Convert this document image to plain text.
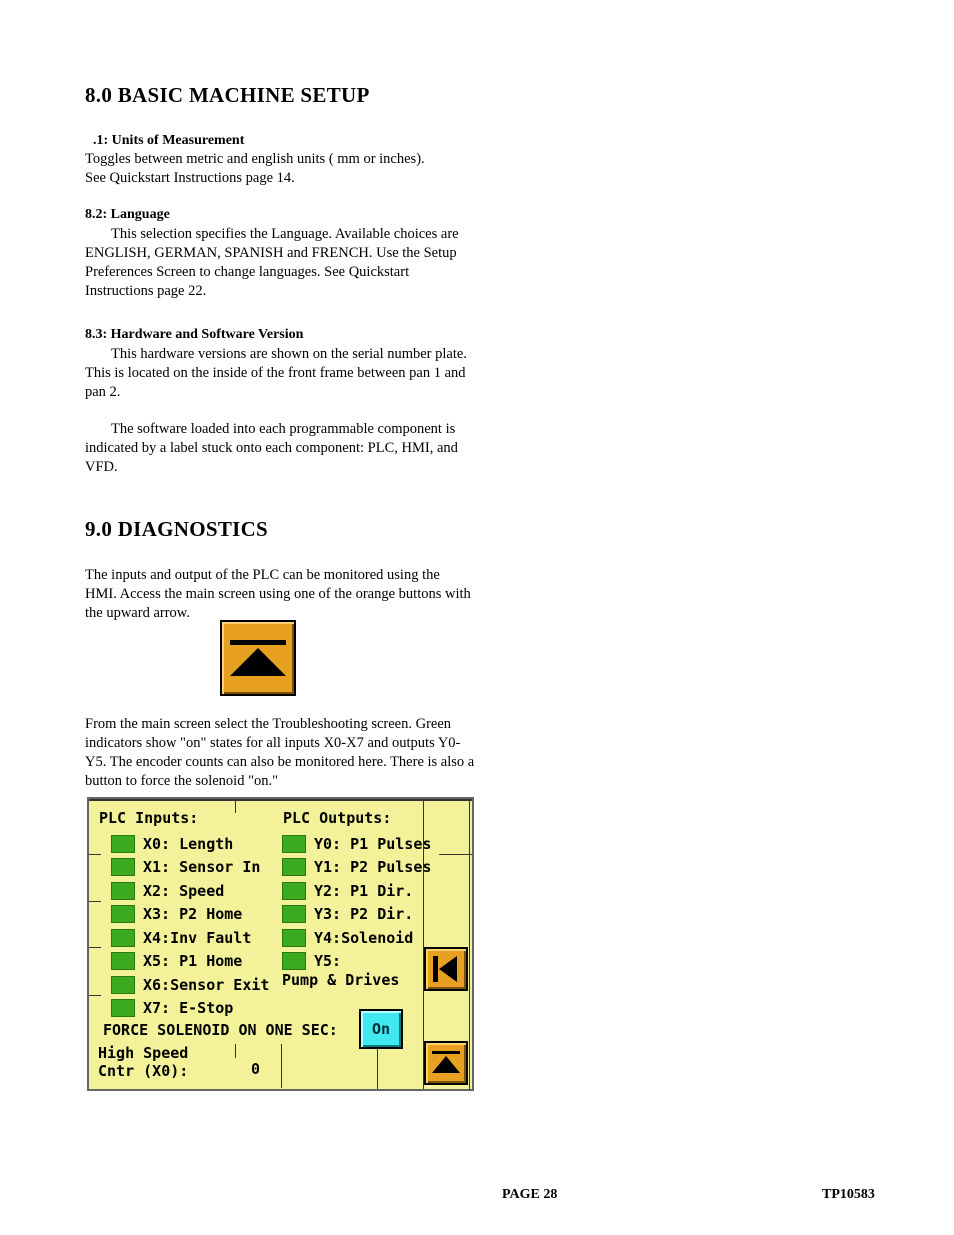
8.0 BASIC MACHINE SETUP
.1: Units of Measurement
Toggles between metric and english units ( mm or inches).
See Quickstart Instructions page 14.
8.2: Language
This selection specifies the Language. Available choices are ENGLISH, GERMAN, SPANISH and FRENCH. Use the Setup Preferences Screen to change languages. See Quickstart Instructions page 22.
8.3: Hardware and Software Version
This hardware versions are shown on the serial number plate. This is located on the inside of the front frame between pan 1 and pan 2.
The software loaded into each programmable component is indicated by a label stuck onto each component: PLC, HMI, and VFD.
9.0 DIAGNOSTICS
The inputs and output of the PLC can be monitored using the HMI. Access the main screen using one of the orange buttons with the upward arrow.
From the main screen select the Troubleshooting screen. Green indicators show "on" states for all inputs X0-X7 and outputs Y0-Y5. The encoder counts can also be monitored here. There is also a button to force the solenoid "on."
PLC Inputs:	PLC Outputs:
X0: Length
X1: Sensor In
X2: Speed
X3: P2 Home
X4:Inv Fault
X5: P1 Home
X6:Sensor Exit
X7: E-Stop
Y0: P1 Pulses
Y1: P2 Pulses
Y2: P1 Dir.
Y3: P2 Dir.
Y4:Solenoid
Y5:
Pump & Drives
FORCE SOLENOID ON ONE SEC:	On
High Speed
Cntr (X0):	0
PAGE 28	TP10583
